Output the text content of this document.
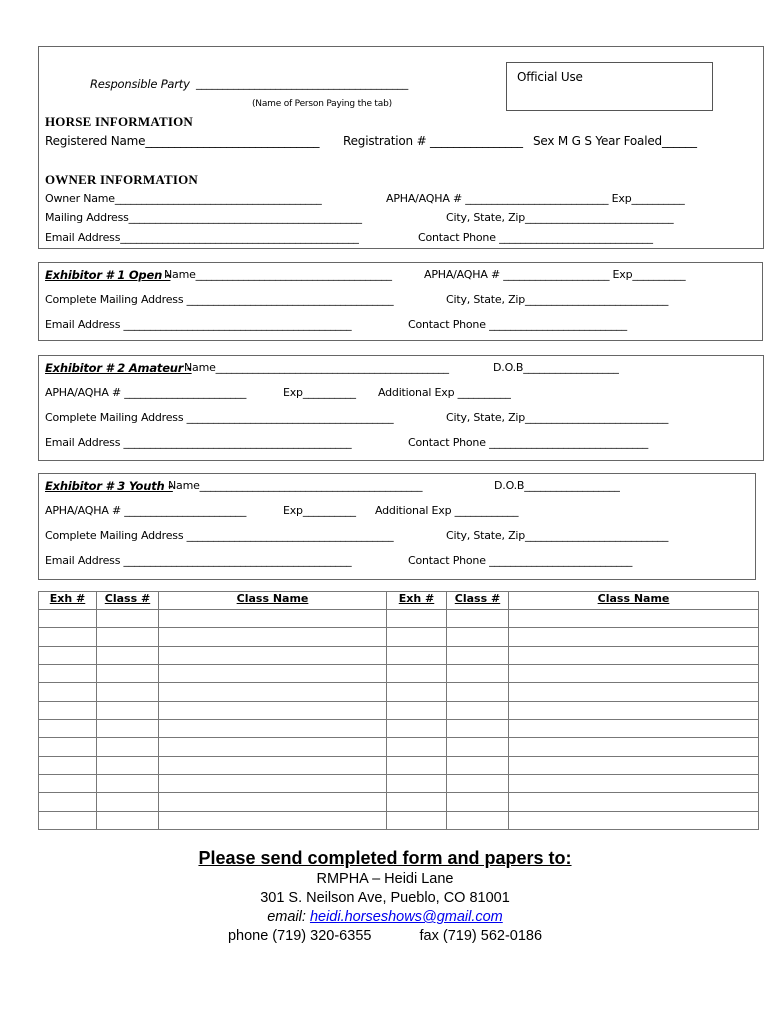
Responsible Party ________________________________________
(Name of Person Paying the tab)
Official Use
HORSE INFORMATION
Registered Name______________________________ Registration # ________________ Sex M G S Year Foaled______
OWNER INFORMATION
Owner Name_______________________________________	APHA/AQHA # ___________________________ Exp__________
Mailing Address____________________________________________	City, State, Zip____________________________
Email Address_____________________________________________	Contact Phone _____________________________
Exhibitor # 1 Open -
Name_____________________________________	APHA/AQHA # ____________________ Exp__________
Complete Mailing Address _______________________________________	City, State, Zip___________________________
Email Address ___________________________________________	Contact Phone __________________________
Exhibitor # 2 Amateur -
Name____________________________________________	D.O.B__________________
APHA/AQHA # _______________________	Exp__________ Additional Exp __________
Complete Mailing Address _______________________________________	City, State, Zip___________________________
Email Address ___________________________________________	Contact Phone ______________________________
Exhibitor # 3 Youth -
Name__________________________________________	D.O.B__________________
APHA/AQHA # _______________________	Exp__________ Additional Exp ____________
Complete Mailing Address _______________________________________	City, State, Zip___________________________
Email Address ___________________________________________	Contact Phone ___________________________
Exh #	Class #	Class Name	Exh #	Class #	Class Name

Please send completed form and papers to:
RMPHA – Heidi Lane
301 S. Neilson Ave, Pueblo, CO 81001
email: heidi.horseshows@gmail.com
phone (719) 320-6355	fax (719) 562-0186
